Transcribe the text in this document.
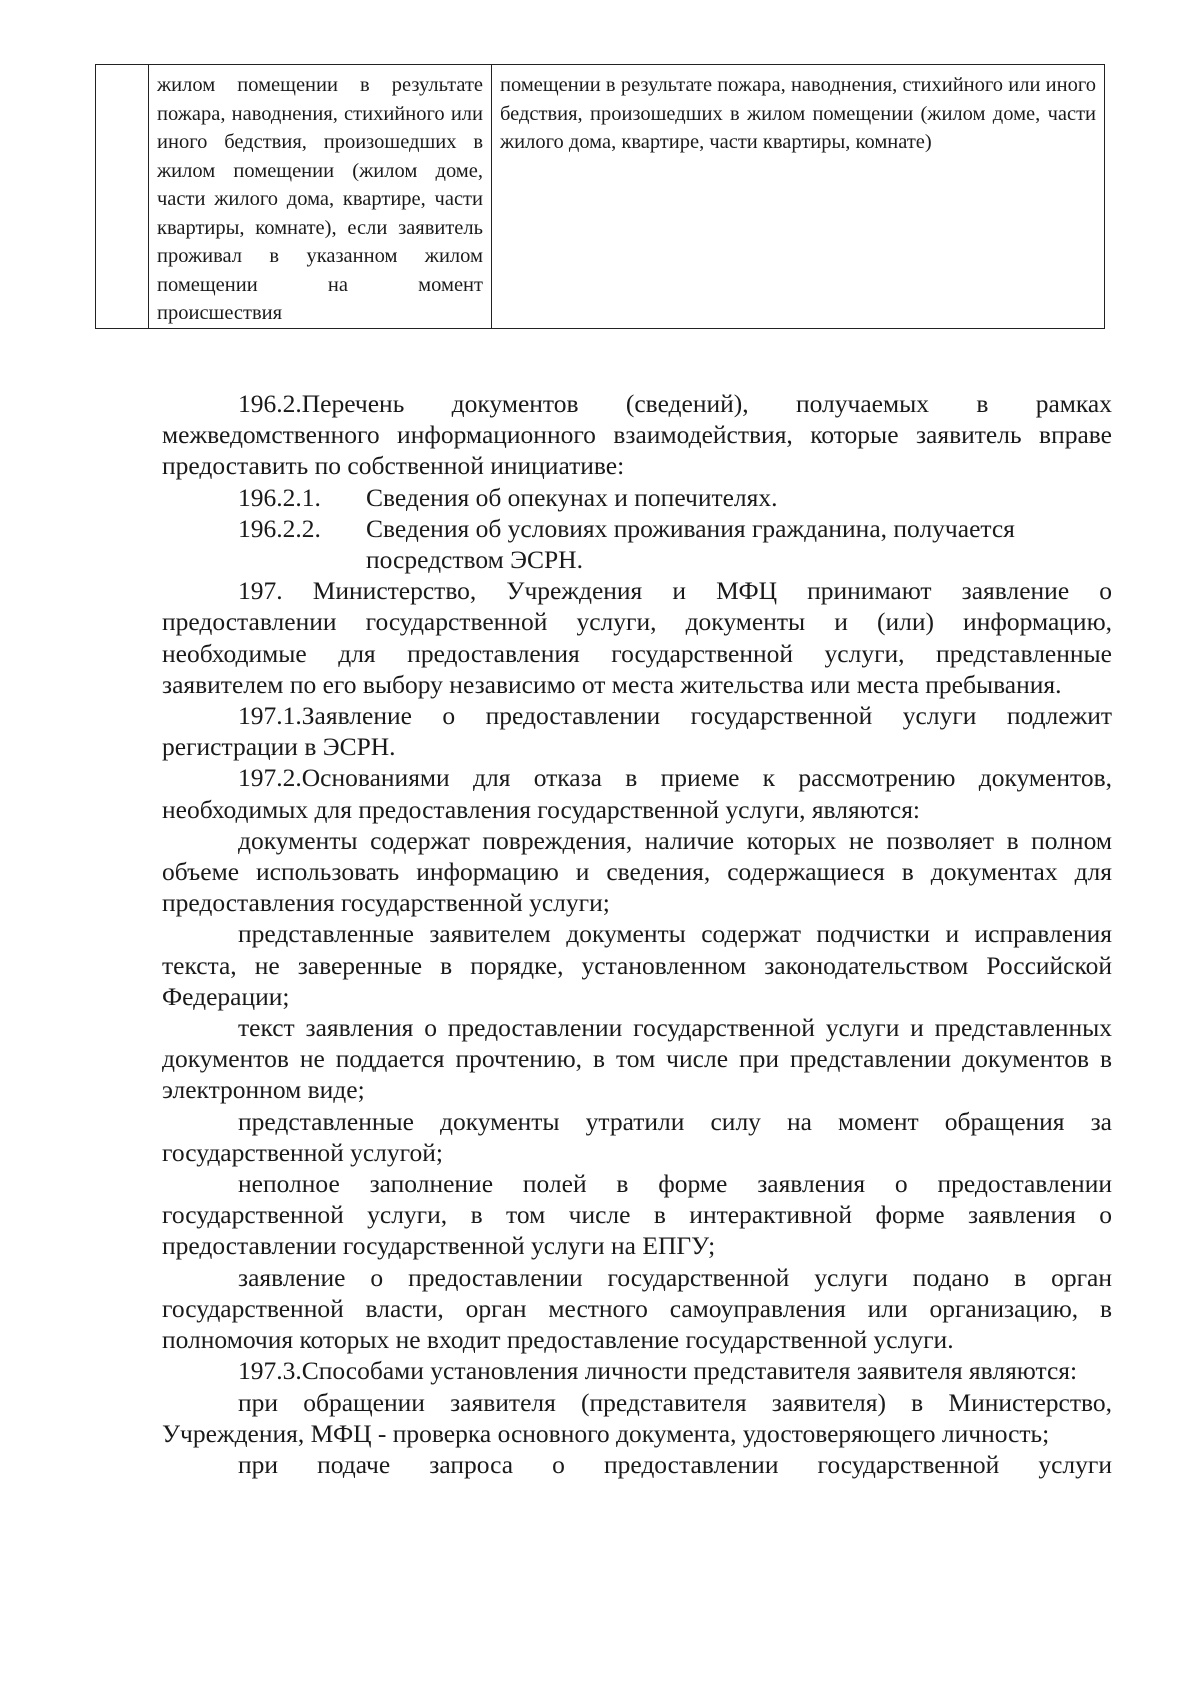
	жилом помещении в результате пожара, наводнения, стихийного или иного бедствия, произошедших в жилом помещении (жилом доме, части жилого дома, квартире, части квартиры, комнате), если заявитель проживал в указанном жилом помещении на момент происшествия	помещении в результате пожара, наводнения, стихийного или иного бедствия, произошедших в жилом помещении (жилом доме, части жилого дома, квартире, части квартиры, комнате)

196.2.Перечень документов (сведений), получаемых в рамках межведомственного информационного взаимодействия, которые заявитель вправе предоставить по собственной инициативе:

196.2.1.	Сведения об опекунах и попечителях.
196.2.2.	Сведения об условиях проживания гражданина, получается посредством ЭСРН.

197. Министерство, Учреждения и МФЦ принимают заявление о предоставлении государственной услуги, документы и (или) информацию, необходимые для предоставления государственной услуги, представленные заявителем по его выбору независимо от места жительства или места пребывания.

197.1.Заявление о предоставлении государственной услуги подлежит регистрации в ЭСРН.

197.2.Основаниями для отказа в приеме к рассмотрению документов, необходимых для предоставления государственной услуги, являются:

документы содержат повреждения, наличие которых не позволяет в полном объеме использовать информацию и сведения, содержащиеся в документах для предоставления государственной услуги;

представленные заявителем документы содержат подчистки и исправления текста, не заверенные в порядке, установленном законодательством Российской Федерации;

текст заявления о предоставлении государственной услуги и представленных документов не поддается прочтению, в том числе при представлении документов в электронном виде;

представленные документы утратили силу на момент обращения за государственной услугой;

неполное заполнение полей в форме заявления о предоставлении государственной услуги, в том числе в интерактивной форме заявления о предоставлении государственной услуги на ЕПГУ;

заявление о предоставлении государственной услуги подано в орган государственной власти, орган местного самоуправления или организацию, в полномочия которых не входит предоставление государственной услуги.

197.3.Способами установления личности представителя заявителя являются:

при обращении заявителя (представителя заявителя) в Министерство, Учреждения, МФЦ - проверка основного документа, удостоверяющего личность;

при подаче запроса о предоставлении государственной услуги
